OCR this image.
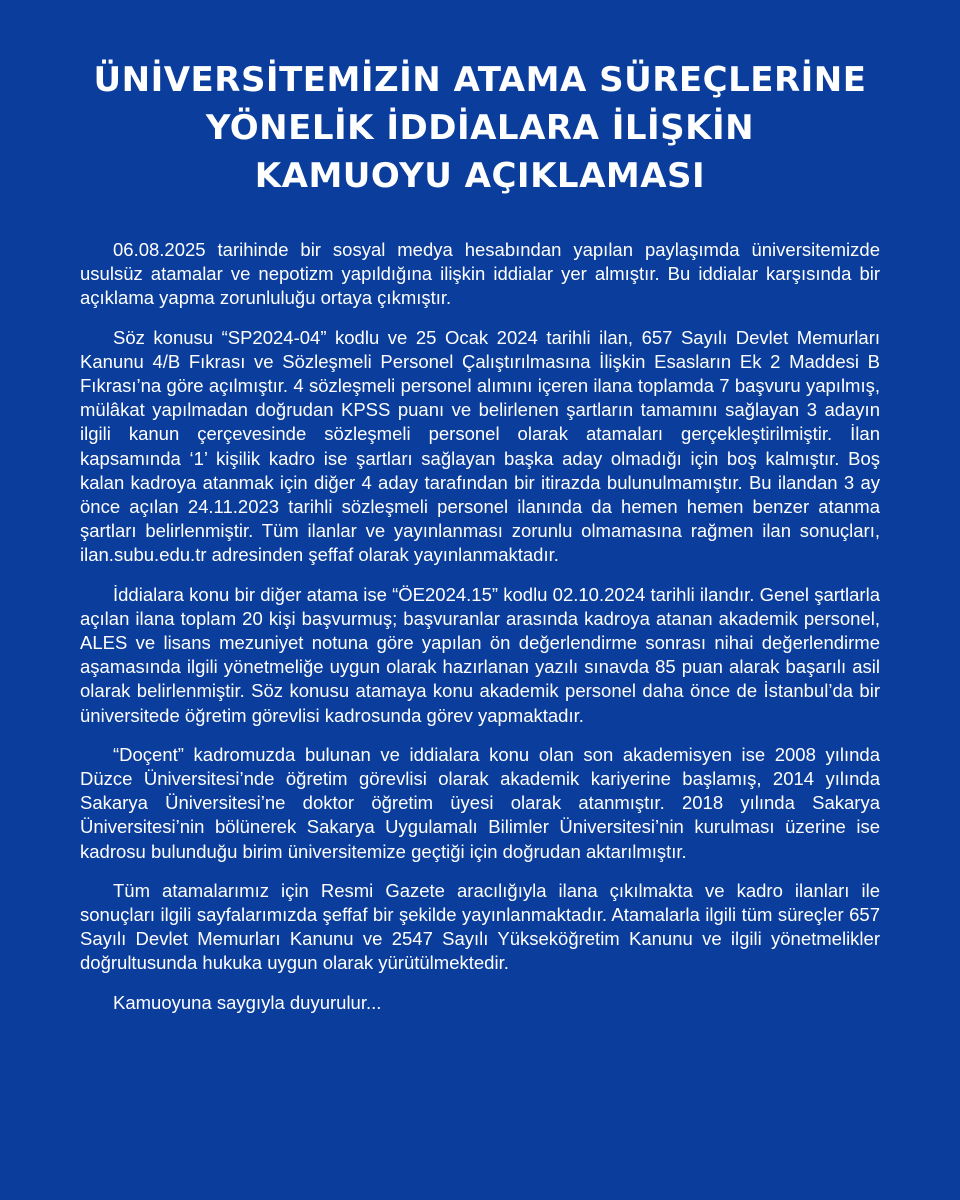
ÜNİVERSİTEMİZİN ATAMA SÜREÇLERİNE
YÖNELİK İDDİALARA İLİŞKİN
KAMUOYU AÇIKLAMASI

06.08.2025 tarihinde bir sosyal medya hesabından yapılan paylaşımda üniversitemizde usulsüz atamalar ve nepotizm yapıldığına ilişkin iddialar yer almıştır. Bu iddialar karşısında bir açıklama yapma zorunluluğu ortaya çıkmıştır.

Söz konusu “SP2024-04” kodlu ve 25 Ocak 2024 tarihli ilan, 657 Sayılı Devlet Memurları Kanunu 4/B Fıkrası ve Sözleşmeli Personel Çalıştırılmasına İlişkin Esasların Ek 2 Maddesi B Fıkrası’na göre açılmıştır. 4 sözleşmeli personel alımını içeren ilana toplamda 7 başvuru yapılmış, mülâkat yapılmadan doğrudan KPSS puanı ve belirlenen şartların tamamını sağlayan 3 adayın ilgili kanun çerçevesinde sözleşmeli personel olarak atamaları gerçekleştirilmiştir. İlan kapsamında ‘1’ kişilik kadro ise şartları sağlayan başka aday olmadığı için boş kalmıştır. Boş kalan kadroya atanmak için diğer 4 aday tarafından bir itirazda bulunulmamıştır. Bu ilandan 3 ay önce açılan 24.11.2023 tarihli sözleşmeli personel ilanında da hemen hemen benzer atanma şartları belirlenmiştir. Tüm ilanlar ve yayınlanması zorunlu olmamasına rağmen ilan sonuçları, ilan.subu.edu.tr adresinden şeffaf olarak yayınlanmaktadır.

İddialara konu bir diğer atama ise “ÖE2024.15” kodlu 02.10.2024 tarihli ilandır. Genel şartlarla açılan ilana toplam 20 kişi başvurmuş; başvuranlar arasında kadroya atanan akademik personel, ALES ve lisans mezuniyet notuna göre yapılan ön değerlendirme sonrası nihai değerlendirme aşamasında ilgili yönetmeliğe uygun olarak hazırlanan yazılı sınavda 85 puan alarak başarılı asil olarak belirlenmiştir. Söz konusu atamaya konu akademik personel daha önce de İstanbul’da bir üniversitede öğretim görevlisi kadrosunda görev yapmaktadır.

“Doçent” kadromuzda bulunan ve iddialara konu olan son akademisyen ise 2008 yılında Düzce Üniversitesi’nde öğretim görevlisi olarak akademik kariyerine başlamış, 2014 yılında Sakarya Üniversitesi’ne doktor öğretim üyesi olarak atanmıştır. 2018 yılında Sakarya Üniversitesi’nin bölünerek Sakarya Uygulamalı Bilimler Üniversitesi’nin kurulması üzerine ise kadrosu bulunduğu birim üniversitemize geçtiği için doğrudan aktarılmıştır.

Tüm atamalarımız için Resmi Gazete aracılığıyla ilana çıkılmakta ve kadro ilanları ile sonuçları ilgili sayfalarımızda şeffaf bir şekilde yayınlanmaktadır. Atamalarla ilgili tüm süreçler 657 Sayılı Devlet Memurları Kanunu ve 2547 Sayılı Yükseköğretim Kanunu ve ilgili yönetmelikler doğrultusunda hukuka uygun olarak yürütülmektedir.

Kamuoyuna saygıyla duyurulur...
